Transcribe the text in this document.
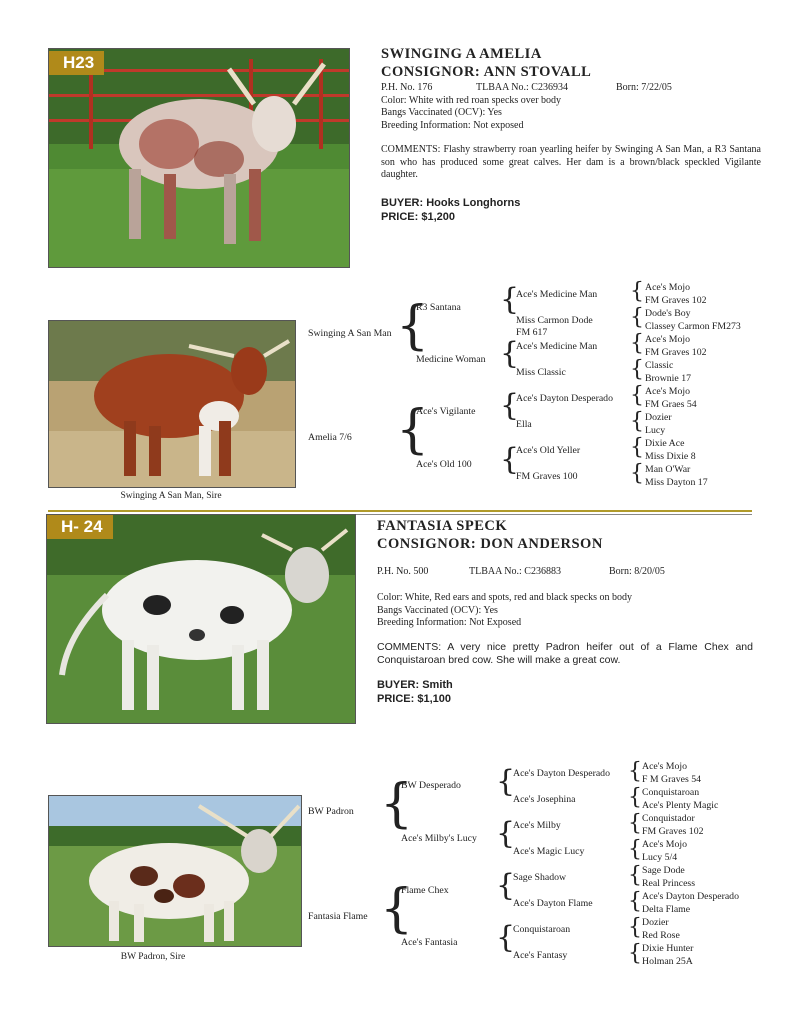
H23	SWINGING A AMELIA
CONSIGNOR: ANN STOVALL
P.H. No. 176	TLBAA No.: C236934	Born: 7/22/05
Color: White with red roan specks over body
Bangs Vaccinated (OCV): Yes
Breeding Information: Not exposed
COMMENTS: Flashy strawberry roan yearling heifer by Swinging A San Man, a R3 Santana son who has produced some great calves. Her dam is a brown/black speckled Vigilante daughter.
BUYER: Hooks Longhorns
PRICE: $1,200
Swinging A San Man, Sire
Swinging A San Man
Amelia 7/6
{
{
R3 Santana
Medicine Woman
Ace's Vigilante
Ace's Old 100
{
{
{
{
Ace's Medicine Man
Miss Carmon Dode FM 617
Ace's Medicine Man
Miss Classic
Ace's Dayton Desperado
Ella
Ace's Old Yeller
FM Graves 100
{
{
{
{
{
{
{
{
Ace's Mojo
FM Graves 102
Dode's Boy
Classey Carmon FM273
Ace's Mojo
FM Graves 102
Classic
Brownie 17
Ace's Mojo
FM Graes 54
Dozier
Lucy
Dixie Ace
Miss Dixie 8
Man O'War
Miss Dayton 17
H- 24	FANTASIA SPECK
CONSIGNOR: DON ANDERSON
P.H. No. 500	TLBAA No.: C236883	Born: 8/20/05
Color: White, Red ears and spots, red and black specks on body
Bangs Vaccinated (OCV): Yes
Breeding Information: Not Exposed
COMMENTS: A very nice pretty Padron heifer out of a Flame Chex and Conquistaroan bred cow. She will make a great cow.
BUYER: Smith
PRICE: $1,100
BW Padron, Sire
BW Padron
Fantasia Flame
{
{
BW Desperado
Ace's Milby's Lucy
Flame Chex
Ace's Fantasia
{
{
{
{
Ace's Dayton Desperado
Ace's Josephina
Ace's Milby
Ace's Magic Lucy
Sage Shadow
Ace's Dayton Flame
Conquistaroan
Ace's Fantasy
{
{
{
{
{
{
{
{
Ace's Mojo
F M Graves 54
Conquistaroan
Ace's Plenty Magic
Conquistador
FM Graves 102
Ace's Mojo
Lucy 5/4
Sage Dode
Real Princess
Ace's Dayton Desperado
Delta Flame
Dozier
Red Rose
Dixie Hunter
Holman 25A
